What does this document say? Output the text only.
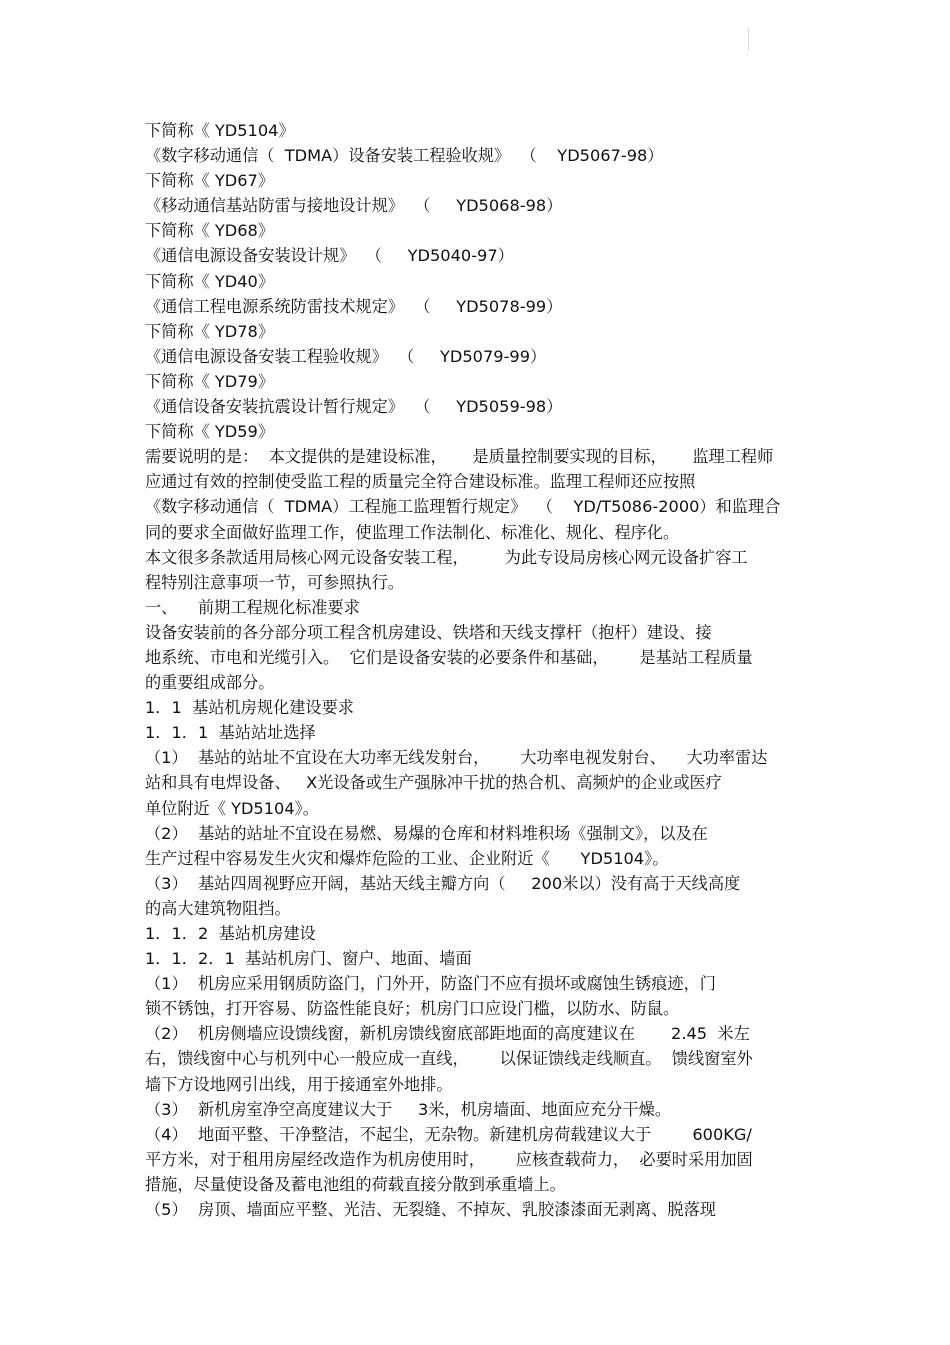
下简称《 YD5104》
《数字移动通信（  TDMA）设备安装工程验收规》  （    YD5067-98）
下简称《 YD67》
《移动通信基站防雷与接地设计规》  （     YD5068-98）
下简称《 YD68》
《通信电源设备安装设计规》  （     YD5040-97）
下简称《 YD40》
《通信工程电源系统防雷技术规定》  （     YD5078-99）
下简称《 YD78》
《通信电源设备安装工程验收规》  （     YD5079-99）
下简称《 YD79》
《通信设备安装抗震设计暂行规定》  （     YD5059-98）
下简称《 YD59》
需要说明的是：  本文提供的是建设标准，     是质量控制要实现的目标，     监理工程师
应通过有效的控制使受监工程的质量完全符合建设标准。监理工程师还应按照
《数字移动通信（  TDMA）工程施工监理暂行规定》  （    YD/T5086-2000）和监理合
同的要求全面做好监理工作，使监理工作法制化、标准化、规化、程序化。
本文很多条款适用局核心网元设备安装工程，       为此专设局房核心网元设备扩容工
程特别注意事项一节，可参照执行。
一、    前期工程规化标准要求
设备安装前的各分部分项工程含机房建设、铁塔和天线支撑杆（抱杆）建设、接
地系统、市电和光缆引入。  它们是设备安装的必要条件和基础，      是基站工程质量
的重要组成部分。
1．1  基站机房规化建设要求
1．1．1  基站站址选择
（1）  基站的站址不宜设在大功率无线发射台，      大功率电视发射台、    大功率雷达
站和具有电焊设备、   X光设备或生产强脉冲干扰的热合机、高频炉的企业或医疗
单位附近《 YD5104》。
（2）  基站的站址不宜设在易燃、易爆的仓库和材料堆积场《强制文》，以及在
生产过程中容易发生火灾和爆炸危险的工业、企业附近《      YD5104》。
（3）  基站四周视野应开阔，基站天线主瓣方向（     200米以）没有高于天线高度
的高大建筑物阻挡。
1．1．2  基站机房建设
1．1．2．1  基站机房门、窗户、地面、墙面
（1）  机房应采用钢质防盗门，门外开，防盗门不应有损坏或腐蚀生锈痕迹，门
锁不锈蚀，打开容易、防盗性能良好；机房门口应设门槛，以防水、防鼠。
（2）  机房侧墙应设馈线窗，新机房馈线窗底部距地面的高度建议在       2.45  米左
右，馈线窗中心与机列中心一般应成一直线，      以保证馈线走线顺直。  馈线窗室外
墙下方设地网引出线，用于接通室外地排。
（3）  新机房室净空高度建议大于     3米，机房墙面、地面应充分干燥。
（4）  地面平整、干净整洁，不起尘，无杂物。新建机房荷载建议大于        600KG/
平方米，对于租用房屋经改造作为机房使用时，      应核查载荷力，  必要时采用加固
措施，尽量使设备及蓄电池组的荷载直接分散到承重墙上。
（5）  房顶、墙面应平整、光洁、无裂缝、不掉灰、乳胶漆漆面无剥离、脱落现
